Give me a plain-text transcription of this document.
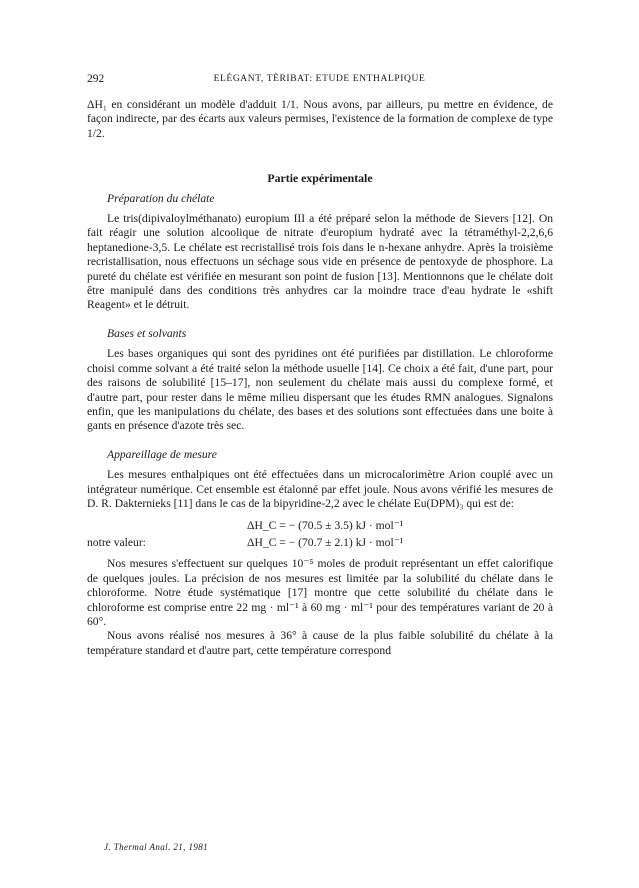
292	ELÉGANT, TÈRIBAT: ETUDE ENTHALPIQUE

ΔH₁ en considérant un modèle d'adduit 1/1. Nous avons, par ailleurs, pu mettre en évidence, de façon indirecte, par des écarts aux valeurs permises, l'existence de la formation de complexe de type 1/2.

Partie expérimentale
Préparation du chélate

Le tris(dipivaloylméthanato) europium III a été préparé selon la méthode de Sievers [12]. On fait réagir une solution alcoolique de nitrate d'europium hydraté avec la tétraméthyl-2,2,6,6 heptanedione-3,5. Le chélate est recristallisé trois fois dans le n-hexane anhydre. Après la troisième recristallisation, nous effectuons un séchage sous vide en présence de pentoxyde de phosphore. La pureté du chélate est vérifiée en mesurant son point de fusion [13]. Mentionnons que le chélate doit être manipulé dans des conditions très anhydres car la moindre trace d'eau hydrate le «shift Reagent» et le détruit.

Bases et solvants

Les bases organiques qui sont des pyridines ont été purifiées par distillation. Le chloroforme choisi comme solvant a été traité selon la méthode usuelle [14]. Ce choix a été fait, d'une part, pour des raisons de solubilité [15–17], non seulement du chélate mais aussi du complexe formé, et d'autre part, pour rester dans le même milieu dispersant que les études RMN analogues. Signalons enfin, que les manipulations du chélate, des bases et des solutions sont effectuées dans une boite à gants en présence d'azote très sec.

Appareillage de mesure

Les mesures enthalpiques ont été effectuées dans un microcalorimètre Arion couplé avec un intégrateur numérique. Cet ensemble est étalonné par effet joule. Nous avons vérifié les mesures de D. R. Dakternieks [11] dans le cas de la bipyridine-2,2 avec le chélate Eu(DPM)₃ qui est de:

ΔH_C = − (70.5 ± 3.5) kJ · mol⁻¹
notre valeur:	ΔH_C = − (70.7 ± 2.1) kJ · mol⁻¹

Nos mesures s'effectuent sur quelques 10⁻⁵ moles de produit représentant un effet calorifique de quelques joules. La précision de nos mesures est limitée par la solubilité du chélate dans le chloroforme. Notre étude systématique [17] montre que cette solubilité du chélate dans le chloroforme est comprise entre 22 mg · ml⁻¹ à 60 mg · ml⁻¹ pour des températures variant de 20 à 60°.

Nous avons réalisé nos mesures à 36° à cause de la plus faible solubilité du chélate à la température standard et d'autre part, cette température correspond

J. Thermal Anal. 21, 1981
